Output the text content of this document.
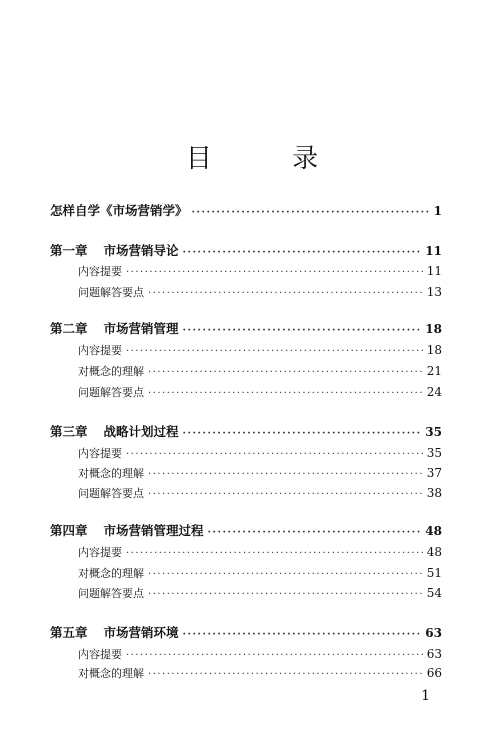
目 录
怎样自学《市场营销学》 ·····	1
第一章 市场营销导论 ·····	11
内容提要 ·····	11
问题解答要点 ·····	13
第二章 市场营销管理 ·····	18
内容提要 ·····	18
对概念的理解 ·····	21
问题解答要点 ·····	24
第三章 战略计划过程 ·····	35
内容提要 ·····	35
对概念的理解 ·····	37
问题解答要点 ·····	38
第四章 市场营销管理过程 ·····	48
内容提要 ·····	48
对概念的理解 ·····	51
问题解答要点 ·····	54
第五章 市场营销环境 ·····	63
内容提要 ·····	63
对概念的理解 ·····	66
1
